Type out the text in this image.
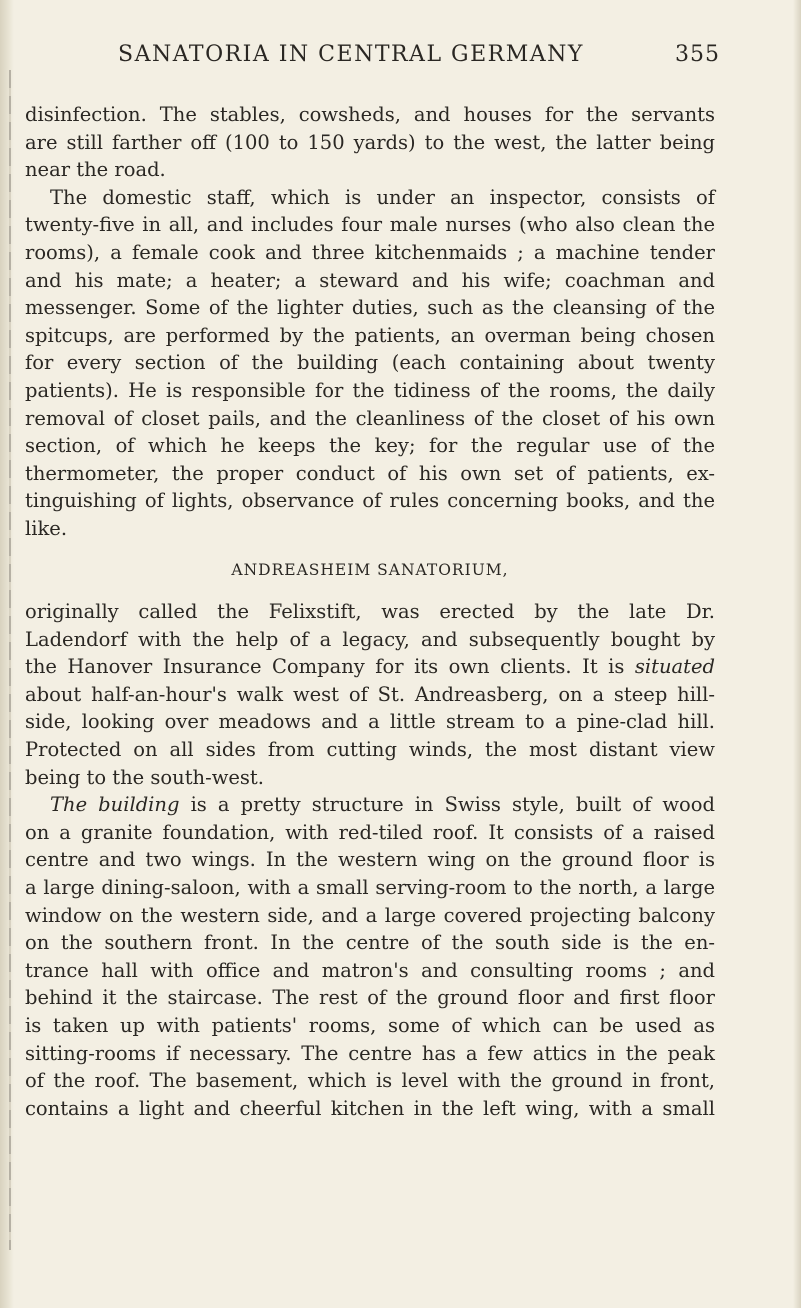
SANATORIA IN CENTRAL GERMANY	355
disinfection. The stables, cowsheds, and houses for the servants
are still farther off (100 to 150 yards) to the west, the latter being
near the road.
The domestic staff, which is under an inspector, consists of
twenty-five in all, and includes four male nurses (who also clean the
rooms), a female cook and three kitchenmaids ; a machine tender
and his mate; a heater; a steward and his wife; coachman and
messenger. Some of the lighter duties, such as the cleansing of the
spitcups, are performed by the patients, an overman being chosen
for every section of the building (each containing about twenty
patients). He is responsible for the tidiness of the rooms, the daily
removal of closet pails, and the cleanliness of the closet of his own
section, of which he keeps the key; for the regular use of the
thermometer, the proper conduct of his own set of patients, ex-
tinguishing of lights, observance of rules concerning books, and the
like.
ANDREASHEIM SANATORIUM,
originally called the Felixstift, was erected by the late Dr.
Ladendorf with the help of a legacy, and subsequently bought by
the Hanover Insurance Company for its own clients. It is situated
about half-an-hour's walk west of St. Andreasberg, on a steep hill-
side, looking over meadows and a little stream to a pine-clad hill.
Protected on all sides from cutting winds, the most distant view
being to the south-west.
The building is a pretty structure in Swiss style, built of wood
on a granite foundation, with red-tiled roof. It consists of a raised
centre and two wings. In the western wing on the ground floor is
a large dining-saloon, with a small serving-room to the north, a large
window on the western side, and a large covered projecting balcony
on the southern front. In the centre of the south side is the en-
trance hall with office and matron's and consulting rooms ; and
behind it the staircase. The rest of the ground floor and first floor
is taken up with patients' rooms, some of which can be used as
sitting-rooms if necessary. The centre has a few attics in the peak
of the roof. The basement, which is level with the ground in front,
contains a light and cheerful kitchen in the left wing, with a small
